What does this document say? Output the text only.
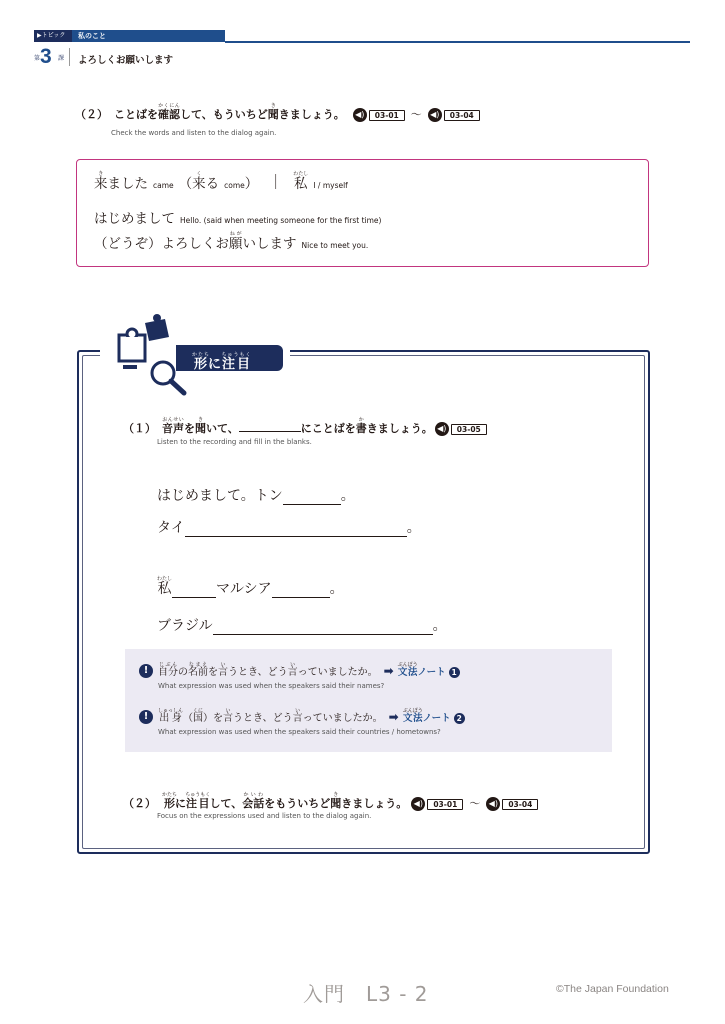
▶トピック	私のこと
第 3 課 よろしくお願いします
（２） ことばを確認かくにんして、もういちど聞ききましょう。 ◀)	03-01	〜 ◀)	03-04
Check the words and listen to the dialog again.
来きました came （来くる come ） ｜ 私わたし
I / myself
はじめまして Hello. (said when meeting someone for the first time)
（どうぞ）よろしくお願ねがいします Nice to meet you.
形かたちに注目ちゅうもく
（１） 音声おんせいを聞きいて、	にことばを書かきましょう。 ◀)	03-05
Listen to the recording and fill in the blanks.
はじめまして。トン	。
タイ	。
私わたし
マルシア	。
ブラジル	。
! 自分じぶん
の 名前なまえ
を 言い
うとき、どう 言い
っていましたか。 ➡ 文法ぶんぽうノート 1
What expression was used when the speakers said their names?
! 出身しゅっしん
（ 国くに
）を 言い
うとき、どう 言い
っていましたか。 ➡ 文法ぶんぽうノート 2
What expression was used when the speakers said their countries / hometowns?
（２） 形かたちに注目ちゅうもくして、会話かいわをもういちど聞ききましょう。 ◀)	03-01	〜 ◀)	03-04
Focus on the expressions used and listen to the dialog again.
入門　L3 - 2	©The Japan Foundation
